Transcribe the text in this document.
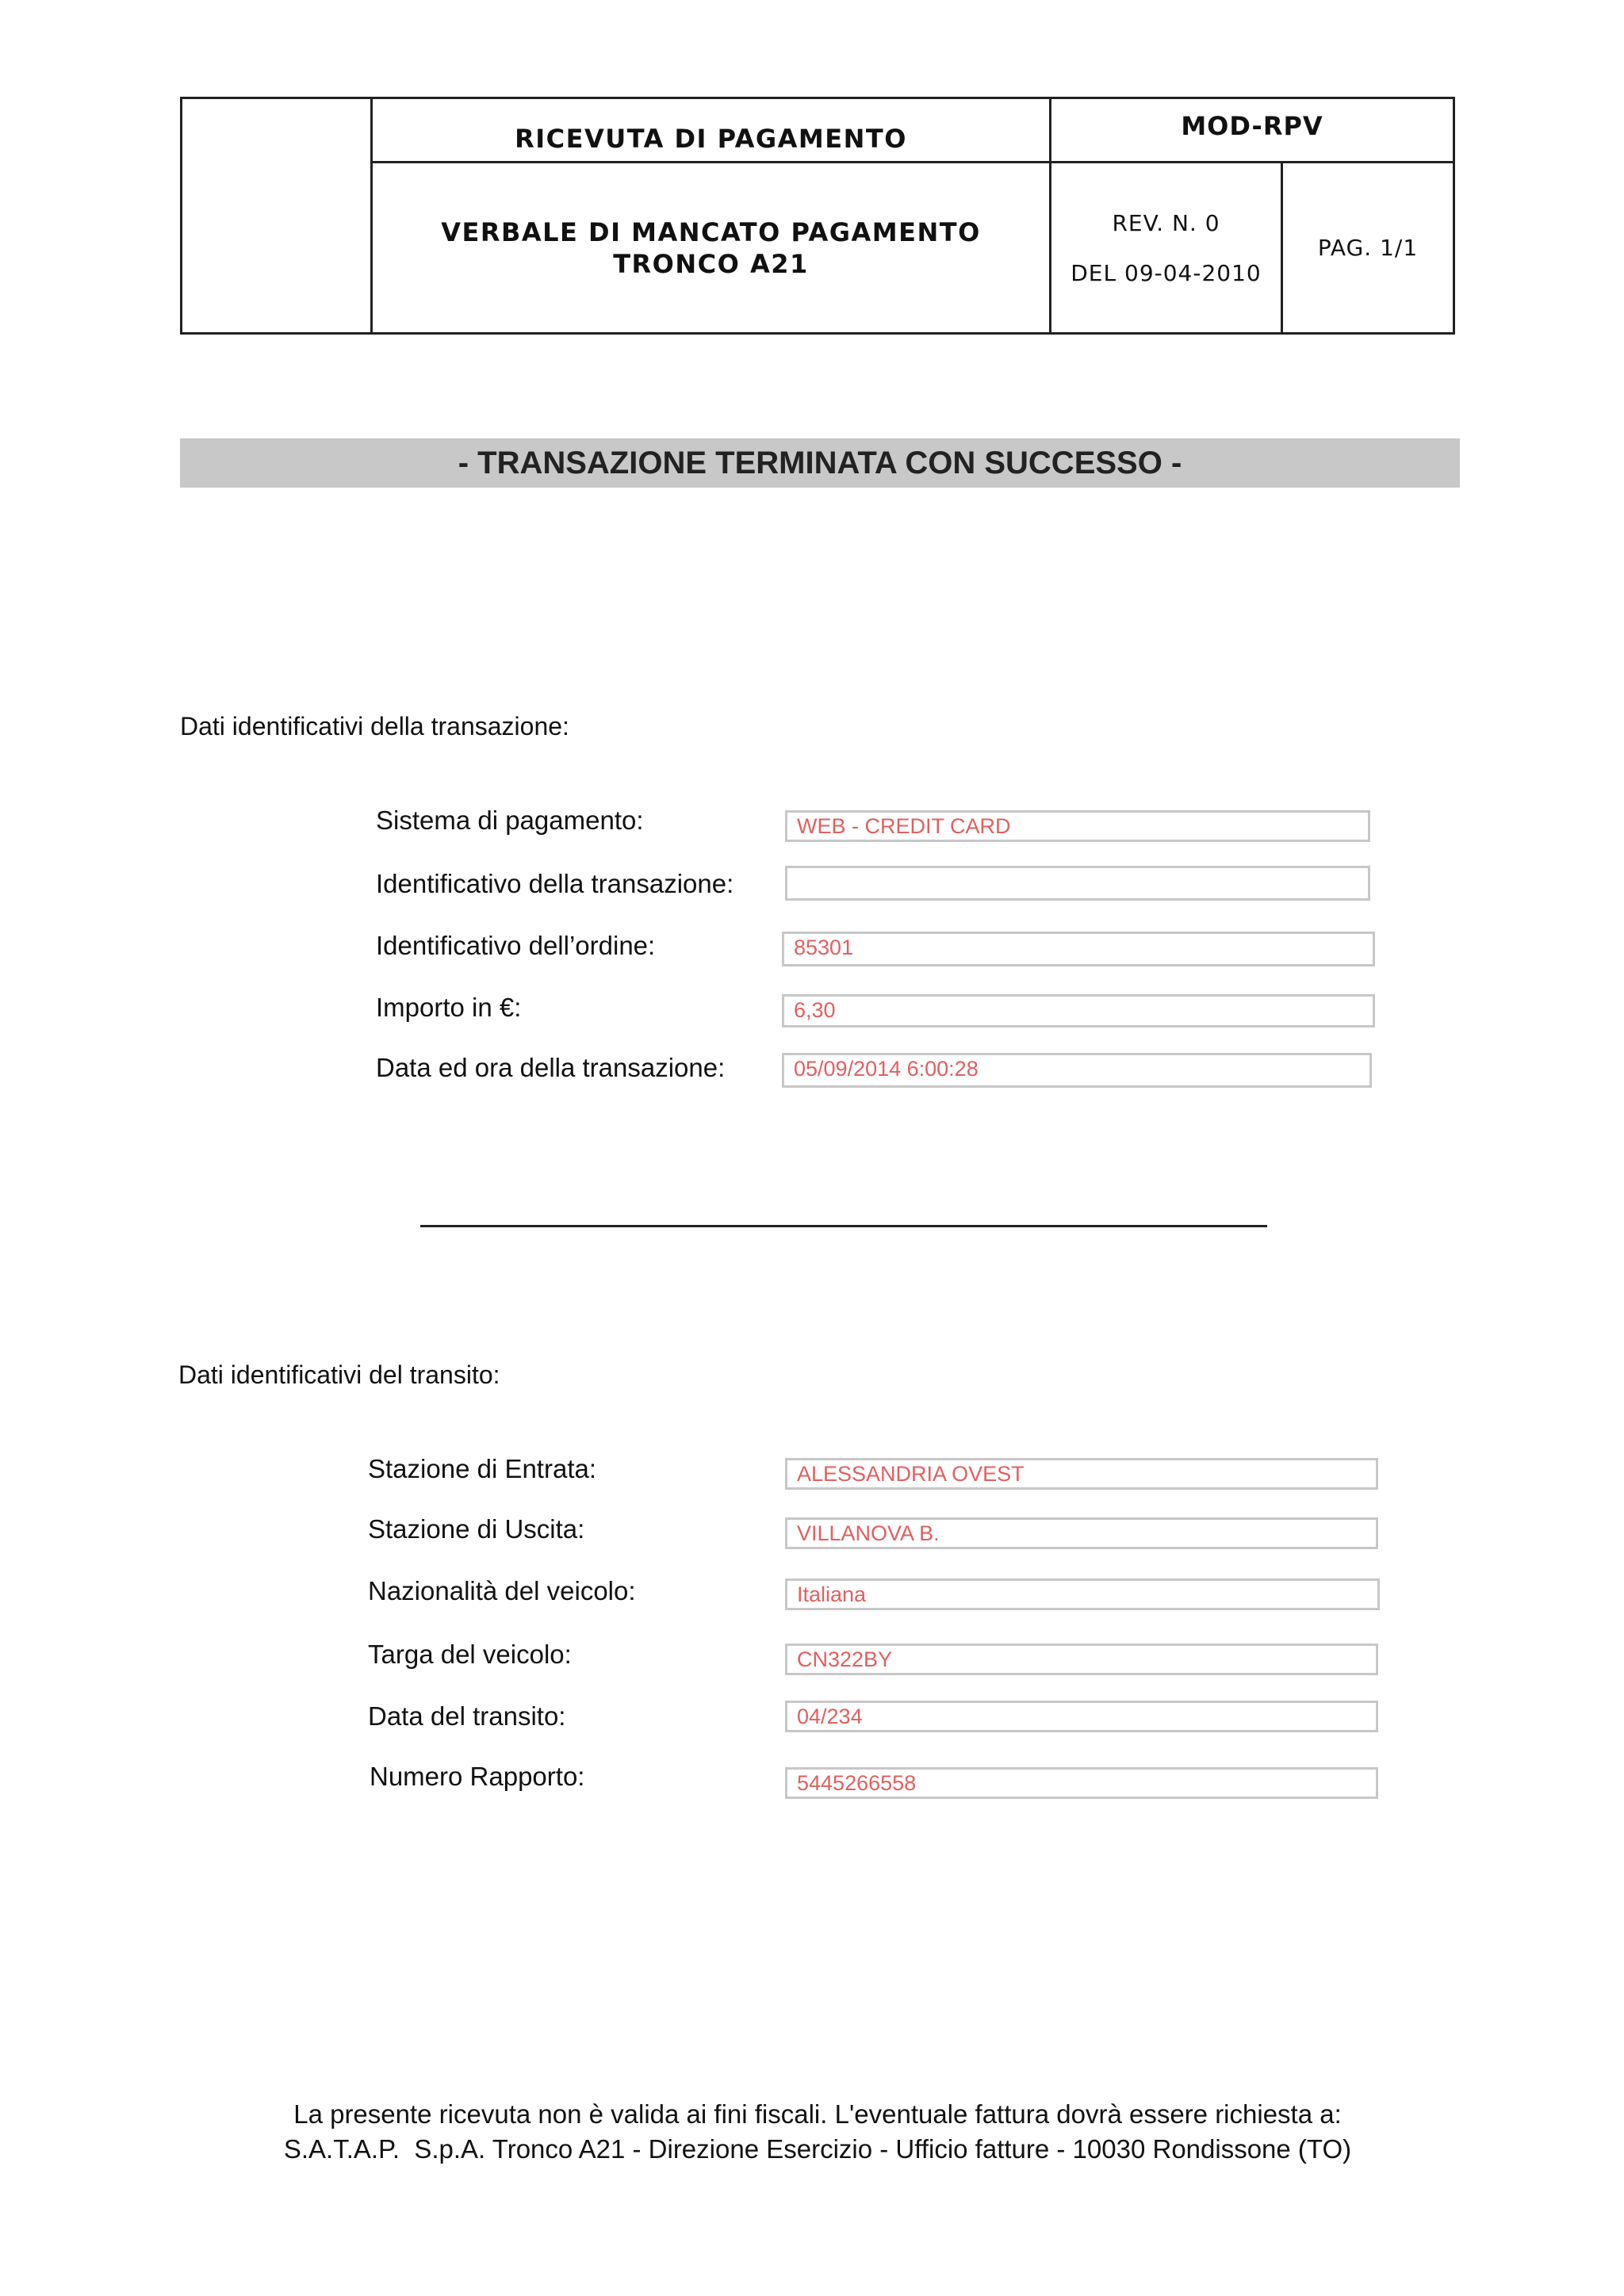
RICEVUTA DI PAGAMENTO
VERBALE DI MANCATO PAGAMENTO
TRONCO A21
MOD-RPV
REV. N. 0
DEL 09-04-2010
PAG. 1/1
- TRANSAZIONE TERMINATA CON SUCCESSO -
Dati identificativi della transazione:
Sistema di pagamento:	WEB - CREDIT CARD
Identificativo della transazione:
Identificativo dell’ordine:	85301
Importo in €:	6,30
Data ed ora della transazione:	05/09/2014 6:00:28
Dati identificativi del transito:
Stazione di Entrata:	ALESSANDRIA OVEST
Stazione di Uscita:	VILLANOVA B.
Nazionalità del veicolo:	Italiana
Targa del veicolo:	CN322BY
Data del transito:	04/234
Numero Rapporto:	5445266558
La presente ricevuta non è valida ai fini fiscali. L'eventuale fattura dovrà essere richiesta a:
S.A.T.A.P.  S.p.A. Tronco A21 - Direzione Esercizio - Ufficio fatture - 10030 Rondissone (TO)
